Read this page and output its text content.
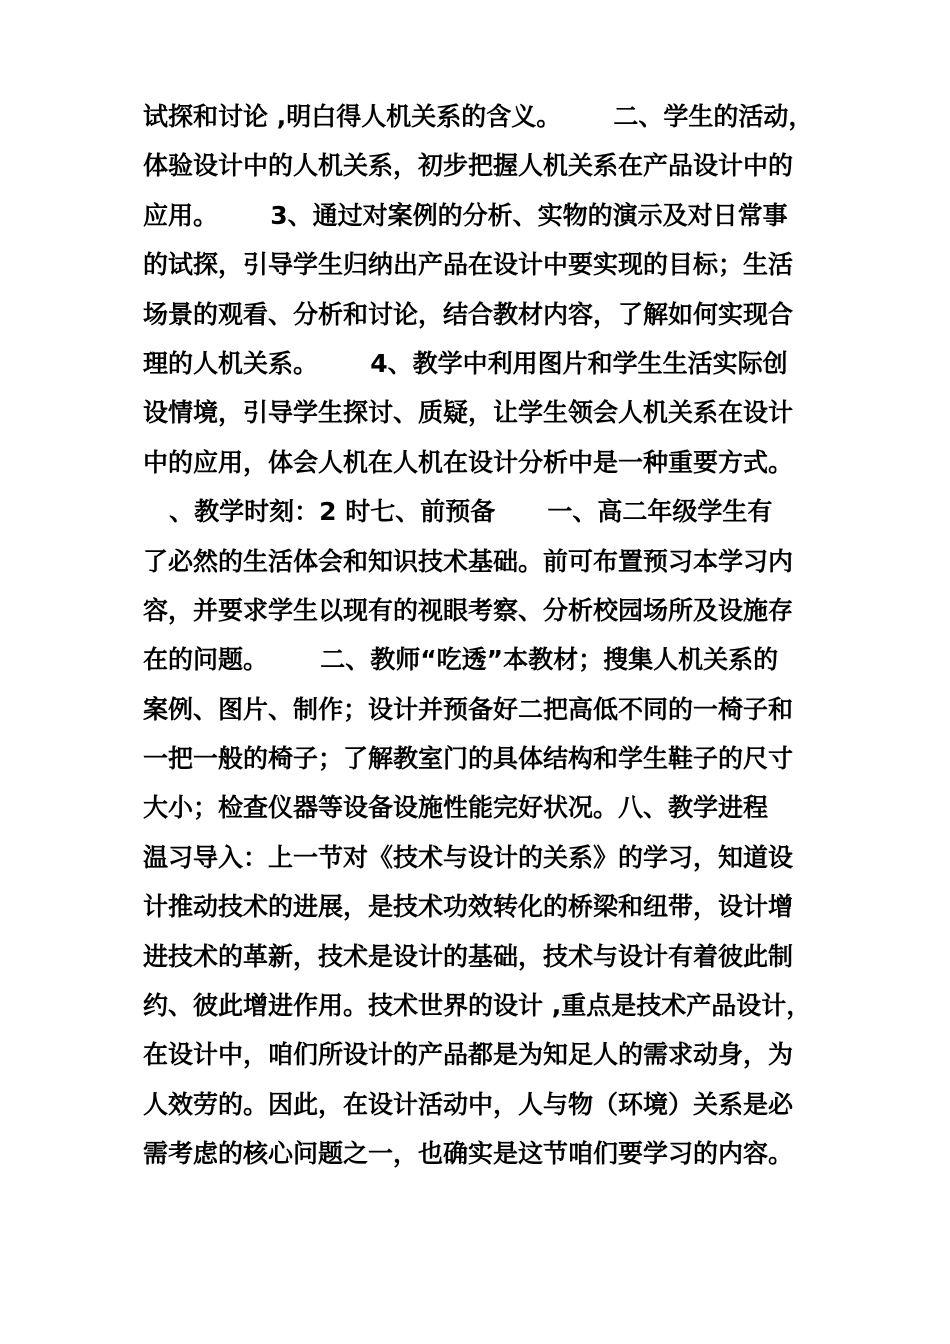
试探和讨论 ,明白得人机关系的含义。      二、学生的活动，
体验设计中的人机关系，初步把握人机关系在产品设计中的
应用。      3、通过对案例的分析、实物的演示及对日常事
的试探，引导学生归纳出产品在设计中要实现的目标；生活
场景的观看、分析和讨论，结合教材内容，了解如何实现合
理的人机关系。      4、教学中利用图片和学生生活实际创
设情境，引导学生探讨、质疑，让学生领会人机关系在设计
中的应用，体会人机在人机在设计分析中是一种重要方式。
、教学时刻：2 时七、前预备      一、高二年级学生有
了必然的生活体会和知识技术基础。前可布置预习本学习内
容，并要求学生以现有的视眼考察、分析校园场所及设施存
在的问题。      二、教师“吃透”本教材；搜集人机关系的
案例、图片、制作；设计并预备好二把高低不同的一椅子和
一把一般的椅子；了解教室门的具体结构和学生鞋子的尺寸
大小；检查仪器等设备设施性能完好状况。八、教学进程
温习导入：上一节对《技术与设计的关系》的学习，知道设
计推动技术的进展，是技术功效转化的桥梁和纽带，设计增
进技术的革新，技术是设计的基础，技术与设计有着彼此制
约、彼此增进作用。技术世界的设计 ,重点是技术产品设计，
在设计中，咱们所设计的产品都是为知足人的需求动身，为
人效劳的。因此，在设计活动中，人与物（环境）关系是必
需考虑的核心问题之一，也确实是这节咱们要学习的内容。
